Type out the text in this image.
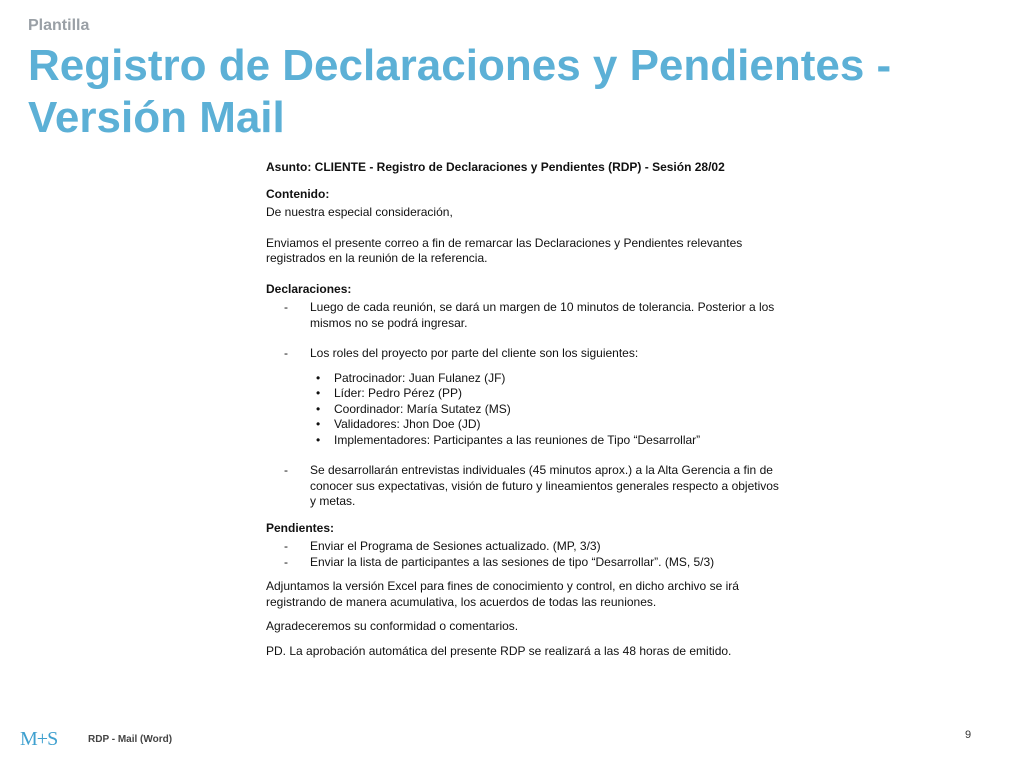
Plantilla
Registro de Declaraciones y Pendientes - Versión Mail

Asunto: CLIENTE - Registro de Declaraciones y Pendientes (RDP) - Sesión 28/02

Contenido:

De nuestra especial consideración,

Enviamos el presente correo a fin de remarcar las Declaraciones y Pendientes relevantes registrados en la reunión de la referencia.

Declaraciones:

- Luego de cada reunión, se dará un margen de 10 minutos de tolerancia. Posterior a los mismos no se podrá ingresar.
- Los roles del proyecto por parte del cliente son los siguientes:
• Patrocinador: Juan Fulanez (JF)
• Líder: Pedro Pérez (PP)
• Coordinador: María Sutatez (MS)
• Validadores: Jhon Doe (JD)
• Implementadores: Participantes a las reuniones de Tipo “Desarrollar”
- Se desarrollarán entrevistas individuales (45 minutos aprox.) a la Alta Gerencia a fin de conocer sus expectativas, visión de futuro y lineamientos generales respecto a objetivos y metas.

Pendientes:

- Enviar el Programa de Sesiones actualizado. (MP, 3/3)
- Enviar la lista de participantes a las sesiones de tipo “Desarrollar”. (MS, 5/3)

Adjuntamos la versión Excel para fines de conocimiento y control, en dicho archivo se irá registrando de manera acumulativa, los acuerdos de todas las reuniones.

Agradeceremos su conformidad o comentarios.

PD. La aprobación automática del presente RDP se realizará a las 48 horas de emitido.

M+S	RDP - Mail (Word)	9
